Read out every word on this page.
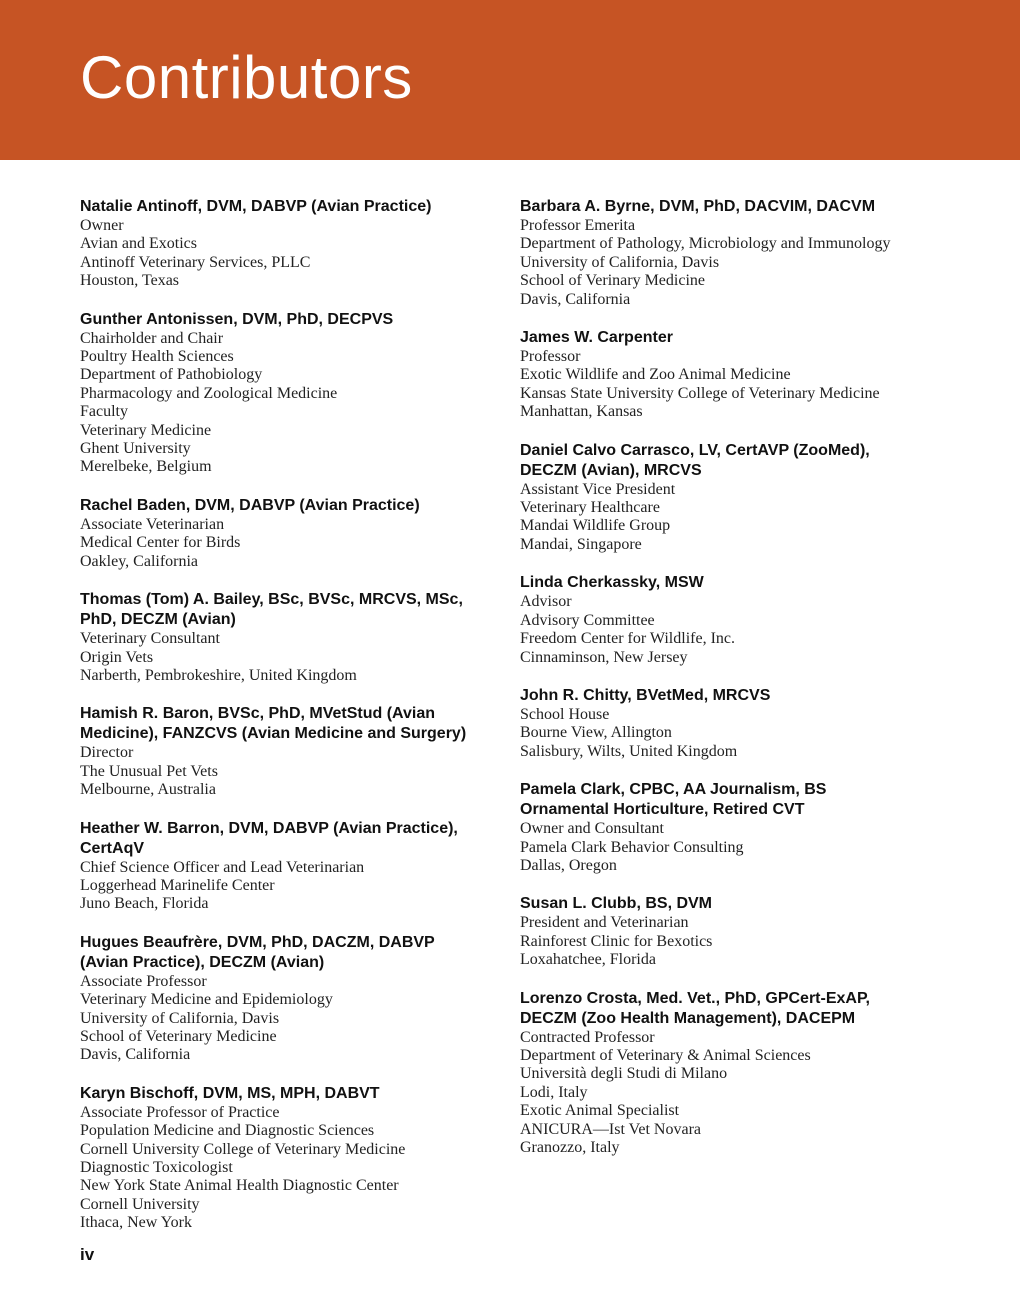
Contributors
Natalie Antinoff, DVM, DABVP (Avian Practice)
Owner
Avian and Exotics
Antinoff Veterinary Services, PLLC
Houston, Texas
Gunther Antonissen, DVM, PhD, DECPVS
Chairholder and Chair
Poultry Health Sciences
Department of Pathobiology
Pharmacology and Zoological Medicine
Faculty
Veterinary Medicine
Ghent University
Merelbeke, Belgium
Rachel Baden, DVM, DABVP (Avian Practice)
Associate Veterinarian
Medical Center for Birds
Oakley, California
Thomas (Tom) A. Bailey, BSc, BVSc, MRCVS, MSc,
PhD, DECZM (Avian)
Veterinary Consultant
Origin Vets
Narberth, Pembrokeshire, United Kingdom
Hamish R. Baron, BVSc, PhD, MVetStud (Avian
Medicine), FANZCVS (Avian Medicine and Surgery)
Director
The Unusual Pet Vets
Melbourne, Australia
Heather W. Barron, DVM, DABVP (Avian Practice),
CertAqV
Chief Science Officer and Lead Veterinarian
Loggerhead Marinelife Center
Juno Beach, Florida
Hugues Beaufrère, DVM, PhD, DACZM, DABVP
(Avian Practice), DECZM (Avian)
Associate Professor
Veterinary Medicine and Epidemiology
University of California, Davis
School of Veterinary Medicine
Davis, California
Karyn Bischoff, DVM, MS, MPH, DABVT
Associate Professor of Practice
Population Medicine and Diagnostic Sciences
Cornell University College of Veterinary Medicine
Diagnostic Toxicologist
New York State Animal Health Diagnostic Center
Cornell University
Ithaca, New York
Barbara A. Byrne, DVM, PhD, DACVIM, DACVM
Professor Emerita
Department of Pathology, Microbiology and Immunology
University of California, Davis
School of Verinary Medicine
Davis, California
James W. Carpenter
Professor
Exotic Wildlife and Zoo Animal Medicine
Kansas State University College of Veterinary Medicine
Manhattan, Kansas
Daniel Calvo Carrasco, LV, CertAVP (ZooMed),
DECZM (Avian), MRCVS
Assistant Vice President
Veterinary Healthcare
Mandai Wildlife Group
Mandai, Singapore
Linda Cherkassky, MSW
Advisor
Advisory Committee
Freedom Center for Wildlife, Inc.
Cinnaminson, New Jersey
John R. Chitty, BVetMed, MRCVS
School House
Bourne View, Allington
Salisbury, Wilts, United Kingdom
Pamela Clark, CPBC, AA Journalism, BS
Ornamental Horticulture, Retired CVT
Owner and Consultant
Pamela Clark Behavior Consulting
Dallas, Oregon
Susan L. Clubb, BS, DVM
President and Veterinarian
Rainforest Clinic for Bexotics
Loxahatchee, Florida
Lorenzo Crosta, Med. Vet., PhD, GPCert-ExAP,
DECZM (Zoo Health Management), DACEPM
Contracted Professor
Department of Veterinary & Animal Sciences
Università degli Studi di Milano
Lodi, Italy
Exotic Animal Specialist
ANICURA—Ist Vet Novara
Granozzo, Italy
iv
